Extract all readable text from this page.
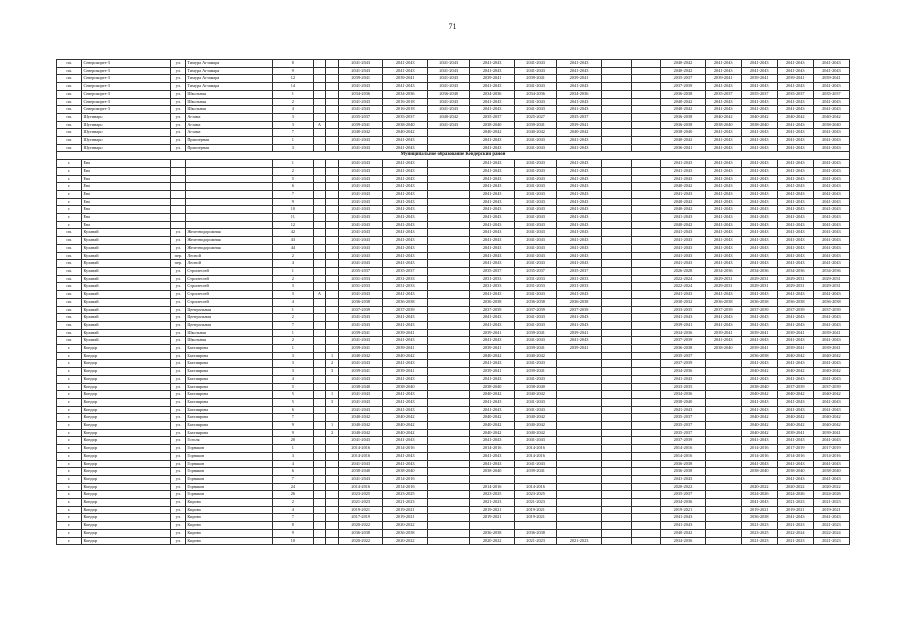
71
пп.	Северокорез-3	ул.	Тимура Агзамара	8			2041-2043	2041-2043	2041-2043	2041-2043	2041-2043	2041-2043			2040-2042	2041-2043	2041-2043	2041-2043	2041-2043
пп.	Северокорез-3	ул.	Тимура Агзамара	9			2041-2043	2041-2043	2041-2043	2041-2043	2041-2043	2041-2043			2040-2042	2041-2043	2041-2043	2041-2043	2041-2043
пп.	Северокорез-3	ул.	Тимура Агзамара	12			2039-2041	2039-2041	2041-2043	2039-2041	2039-2041	2039-2041			2035-2037	2039-2041	2039-2041	2039-2041	2039-2041
пп.	Северокорез-3	ул.	Тимура Агзамара	14			2041-2043	2041-2043	2041-2043	2041-2043	2041-2043	2041-2043			2037-2039	2041-2043	2041-2043	2041-2043	2041-2043
пп.	Северокорез-3	ул.	Школьная	1			2034-2036	2034-2036	2036-2040	2034-2036	2034-2036	2034-2036			2036-2038	2035-2037	2035-2037	2035-2037	2035-2037
пп.	Северокорез-3	ул.	Школьная	2			2041-2043	2016-2018	2041-2043	2041-2043	2041-2043	2041-2043			2040-2042	2041-2043	2041-2043	2041-2043	2041-2043
пп.	Северокорез-3	ул.	Школьная	4			2041-2043	2016-2018	2041-2043	2041-2043	2041-2043	2041-2043			2040-2042	2041-2043	2041-2043	2041-2043	2041-2043
пп.	Шугинаро	ул.	Агзама	3			2035-2037	2035-2037	2040-2042	2035-2037	2025-2027	2035-2037			2036-2038	2040-2042	2040-2042	2040-2042	2040-2042
пп.	Шугинаро	ул.	Агзама	3	А		2039-2041	2038-2040	2041-2043	2038-2040	2039-2041	2039-2041			2036-2038	2038-2040	2038-2040	2041-2043	2038-2040
пп.	Шугинаро	ул.	Агзама	7			2040-2042	2040-2042		2040-2042	2040-2042	2040-2042			2038-2040	2041-2043	2041-2043	2041-2043	2041-2043
пп.	Шугинаро	ул.	Приозерная	1			2041-2043	2041-2043		2041-2043	2041-2043	2041-2043			2040-2042	2041-2043	2041-2043	2041-2043	2041-2043
пп.	Шугинаро	ул.	Приозерная	3			2041-2043	2041-2043		2041-2043	2041-2043	2041-2043			2036-2041	2041-2043	2041-2043	2041-2043	2041-2043
Муниципальное образование Кендерский район																			
г.	Ева			1			2041-2043	2041-2043		2041-2043	2041-2043	2041-2043			2041-2043	2041-2043	2041-2043	2041-2043	2041-2043
г.	Ева			2			2041-2043	2041-2043		2041-2043	2041-2043	2041-2043			2041-2043	2041-2043	2041-2043	2041-2043	2041-2043
г.	Ева			5			2041-2043	2041-2043		2041-2043	2041-2043	2041-2043			2041-2043	2041-2043	2041-2043	2041-2043	2041-2043
г.	Ева			6			2041-2043	2041-2043		2041-2043	2041-2043	2041-2043			2040-2042	2041-2043	2041-2043	2041-2043	2041-2043
г.	Ева			7			2041-2043	2041-2043		2041-2043	2041-2043	2041-2043			2041-2043	2041-2043	2041-2043	2041-2043	2041-2043
г.	Ева			9			2041-2043	2041-2043		2041-2043	2041-2043	2041-2043			2040-2042	2041-2043	2041-2043	2041-2043	2041-2043
г.	Ева			10			2041-2043	2041-2043		2041-2043	2041-2043	2041-2043			2040-2042	2041-2043	2041-2043	2041-2043	2041-2043
г.	Ева			11			2041-2043	2041-2043		2041-2043	2041-2043	2041-2043			2041-2043	2041-2043	2041-2043	2041-2043	2041-2043
г.	Ева			12			2041-2043	2041-2043		2041-2043	2041-2043	2041-2043			2040-2042	2041-2043	2041-2043	2041-2043	2041-2043
пп.	Куланай	ул.	Железнодорожная	42			2041-2043	2041-2043		2041-2043	2041-2043	2041-2043			2041-2043	2041-2043	2041-2043	2041-2043	2041-2043
пп.	Куланай	ул.	Железнодорожная	43			2041-2043	2041-2043		2041-2043	2041-2043	2041-2043			2041-2043	2041-2043	2041-2043	2041-2043	2041-2043
пп.	Куланай	ул.	Железнодорожная	44			2041-2043	2041-2043		2041-2043	2041-2043	2041-2043			2041-2043	2041-2043	2041-2043	2041-2043	2041-2043
пп.	Куланай	пер.	Лесной	2			2041-2043	2041-2043		2041-2043	2041-2043	2041-2043			2041-2043	2041-2043	2041-2043	2041-2043	2041-2043
пп.	Куланай	пер.	Лесной	4			2041-2043	2041-2043		2041-2043	2041-2043	2041-2043			2041-2043	2041-2043	2041-2043	2041-2043	2041-2043
пп.	Куланай	ул.	Строителей	1			2035-2037	2035-2037		2035-2037	2035-2037	2035-2037			2026-2028	2034-2036	2034-2036	2034-2036	2034-2036
пп.	Куланай	ул.	Строителей	2			2031-2033	2031-2033		2031-2033	2031-2033	2031-2033			2022-2024	2029-2031	2029-2031	2029-2031	2029-2031
пп.	Куланай	ул.	Строителей	3			2031-2033	2031-2033		2031-2033	2031-2033	2031-2033			2022-2024	2029-2031	2029-2031	2029-2031	2029-2031
пп.	Куланай	ул.	Строителей	3	А		2041-2043	2041-2043		2041-2043	2041-2043	2041-2043			2041-2043	2041-2043	2041-2043	2041-2043	2041-2043
пп.	Куланай	ул.	Строителей	4			2036-2038	2036-2038		2036-2038	2036-2038	2036-2038			2030-2032	2036-2038	2036-2038	2036-2038	2036-2038
пп.	Куланай	ул.	Центральная	1			2037-2039	2037-2039		2037-2039	2037-2039	2037-2039			2033-2035	2037-2039	2037-2039	2037-2039	2037-2039
пп.	Куланай	ул.	Центральная	2			2041-2043	2041-2043		2041-2043	2041-2043	2041-2043			2041-2043	2041-2043	2041-2043	2041-2043	2041-2043
пп.	Куланай	ул.	Центральная	7			2041-2043	2041-2043		2041-2043	2041-2043	2041-2043			2039-2041	2041-2043	2041-2043	2041-2043	2041-2043
пп.	Куланай	ул.	Школьная	1			2039-2041	2039-2041		2039-2041	2039-2041	2039-2041			2034-2036	2039-2041	2039-2041	2039-2041	2039-2041
пп.	Куланай	ул.	Школьная	2			2041-2043	2041-2043		2041-2043	2041-2043	2041-2043			2037-2039	2041-2043	2041-2043	2041-2043	2041-2043
г.	Кондор	ул.	Бахтиярова	1			2039-2041	2039-2041		2039-2041	2039-2041	2039-2041			2036-2038	2038-2040	2039-2041	2039-2041	2039-2041
г.	Кондор	ул.	Бахтиярова	3		1	2040-2042	2040-2042		2040-2042	2040-2042				2035-2037		2036-2038	2040-2042	2040-2042
г.	Кондор	ул.	Бахтиярова	3		2	2041-2043	2041-2043		2041-2043	2041-2043				2037-2039		2041-2043	2041-2043	2041-2043
г.	Кондор	ул.	Бахтиярова	3		3	2039-2041	2039-2041		2039-2041	2039-2041				2034-2036		2040-2042	2040-2042	2040-2042
г.	Кондор	ул.	Бахтиярова	4			2041-2043	2041-2043		2041-2043	2041-2043				2041-2043		2041-2043	2041-2043	2041-2043
г.	Кондор	ул.	Бахтиярова	5			2038-2040	2038-2040		2038-2040	2038-2040				2033-2035		2038-2040	2037-2039	2037-2039
г.	Кондор	ул.	Бахтиярова	5		1	2041-2043	2041-2043		2040-2042	2040-2042				2034-2036		2040-2042	2040-2042	2040-2042
г.	Кондор	ул.	Бахтиярова	5		3	2041-2043	2041-2043		2041-2043	2041-2043				2038-2040		2041-2043	2041-2043	2041-2043
г.	Кондор	ул.	Бахтиярова	6			2041-2043	2041-2043		2041-2043	2041-2043				2041-2043		2041-2043	2041-2043	2041-2043
г.	Кондор	ул.	Бахтиярова	7			2040-2042	2040-2042		2040-2042	2040-2042				2035-2037		2040-2042	2040-2042	2040-2042
г.	Кондор	ул.	Бахтиярова	9		1	2040-2042	2040-2042		2040-2042	2040-2042				2035-2037		2040-2042	2040-2042	2040-2042
г.	Кондор	ул.	Бахтиярова	9		2	2040-2042	2040-2042		2040-2042	2040-2042				2035-2037		2040-2042	2039-2041	2039-2041
г.	Кондор	ул.	Гоголя	20			2041-2043	2041-2043		2041-2043	2041-2043				2037-2039		2041-2043	2041-2043	2041-2043
г.	Кондор	ул.	Горняков	1			2014-2016	2014-2016		2014-2016	2014-2016				2014-2016		2014-2016	2017-2019	2017-2019
г.	Кондор	ул.	Горняков	3			2014-2016	2041-2043		2041-2043	2014-2016				2014-2016		2014-2016	2014-2016	2014-2016
г.	Кондор	ул.	Горняков	4			2041-2043	2041-2043		2041-2043	2041-2043				2036-2038		2041-2043	2041-2043	2041-2043
г.	Кондор	ул.	Горняков	6			2038-2040	2038-2040		2038-2040	2039-2041				2036-2038		2038-2040	2038-2040	2038-2040
г.	Кондор	ул.	Горняков	7			2041-2043	2014-2016							2041-2043			2041-2043	2041-2043
г.	Кондор	ул.	Горняков	24			2014-2016	2014-2016		2014-2016	2014-2016				2020-2022		2020-2022	2020-2022	2020-2022
г.	Кондор	ул.	Горняков	26			2023-2025	2023-2025		2023-2025	2023-2025				2035-2037		2024-2026	2024-2026	2024-2026
г.	Кондор	ул.	Кирова	2			2021-2023	2021-2023		2021-2023	2021-2023				2034-2036		2041-2043	2021-2023	2021-2023
г.	Кондор	ул.	Кирова	4			2019-2021	2019-2021		2019-2021	2019-2021				2019-2021		2019-2021	2019-2021	2019-2021
г.	Кондор	ул.	Кирова	7			2017-2019	2019-2021		2019-2021	2019-2021				2041-2043		2036-2038	2041-2043	2041-2043
г.	Кондор	ул.	Кирова	8			2020-2022	2020-2022							2041-2043		2021-2023	2021-2023	2021-2023
г.	Кондор	ул.	Кирова	9			2036-2038	2036-2038		2036-2038	2036-2038				2040-2042		2023-2025	2022-2024	2022-2024
г.	Кондор	ул.	Кирова	10			2020-2022	2020-2022		2020-2022	2021-2023	2021-2023			2034-2036		2021-2023	2021-2023	2021-2023
